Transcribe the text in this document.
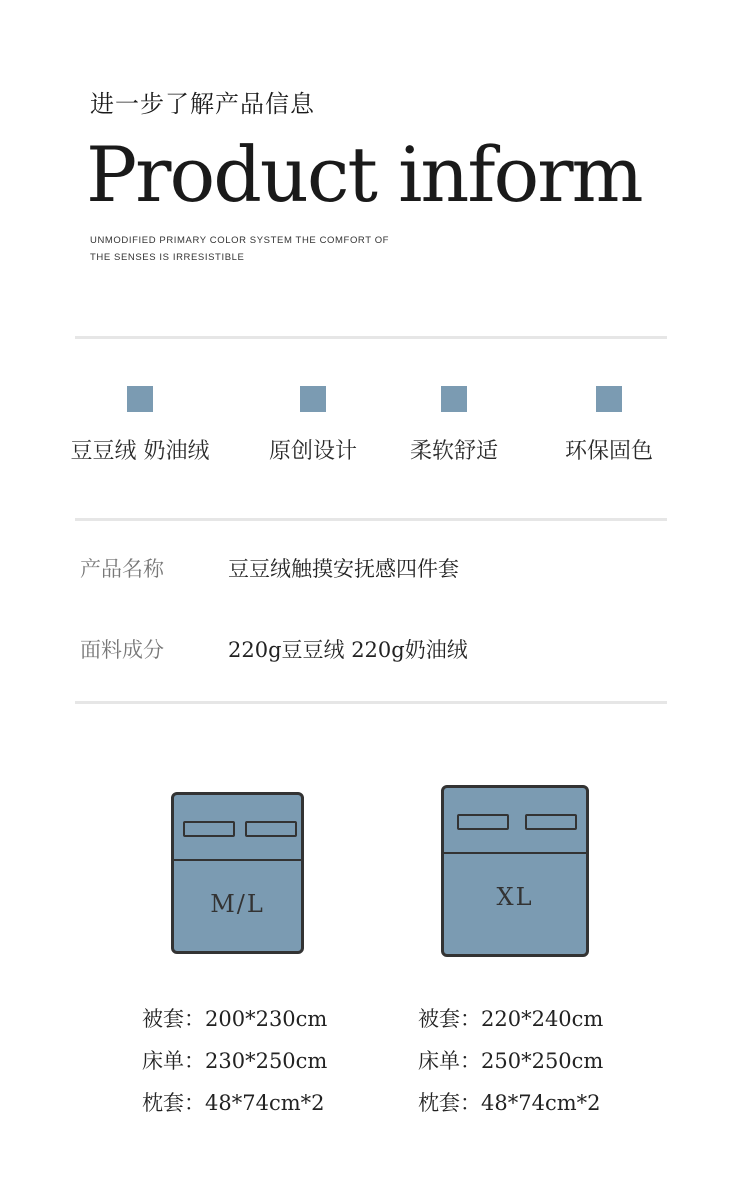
进一步了解产品信息
Product inform
UNMODIFIED PRIMARY COLOR SYSTEM THE COMFORT OF
THE SENSES IS IRRESISTIBLE
豆豆绒 奶油绒	原创设计	柔软舒适	环保固色
产品名称	豆豆绒触摸安抚感四件套
面料成分	220g豆豆绒 220g奶油绒
M/L	XL
被套：200*230cm
床单：230*250cm
枕套：48*74cm*2
被套：220*240cm
床单：250*250cm
枕套：48*74cm*2
